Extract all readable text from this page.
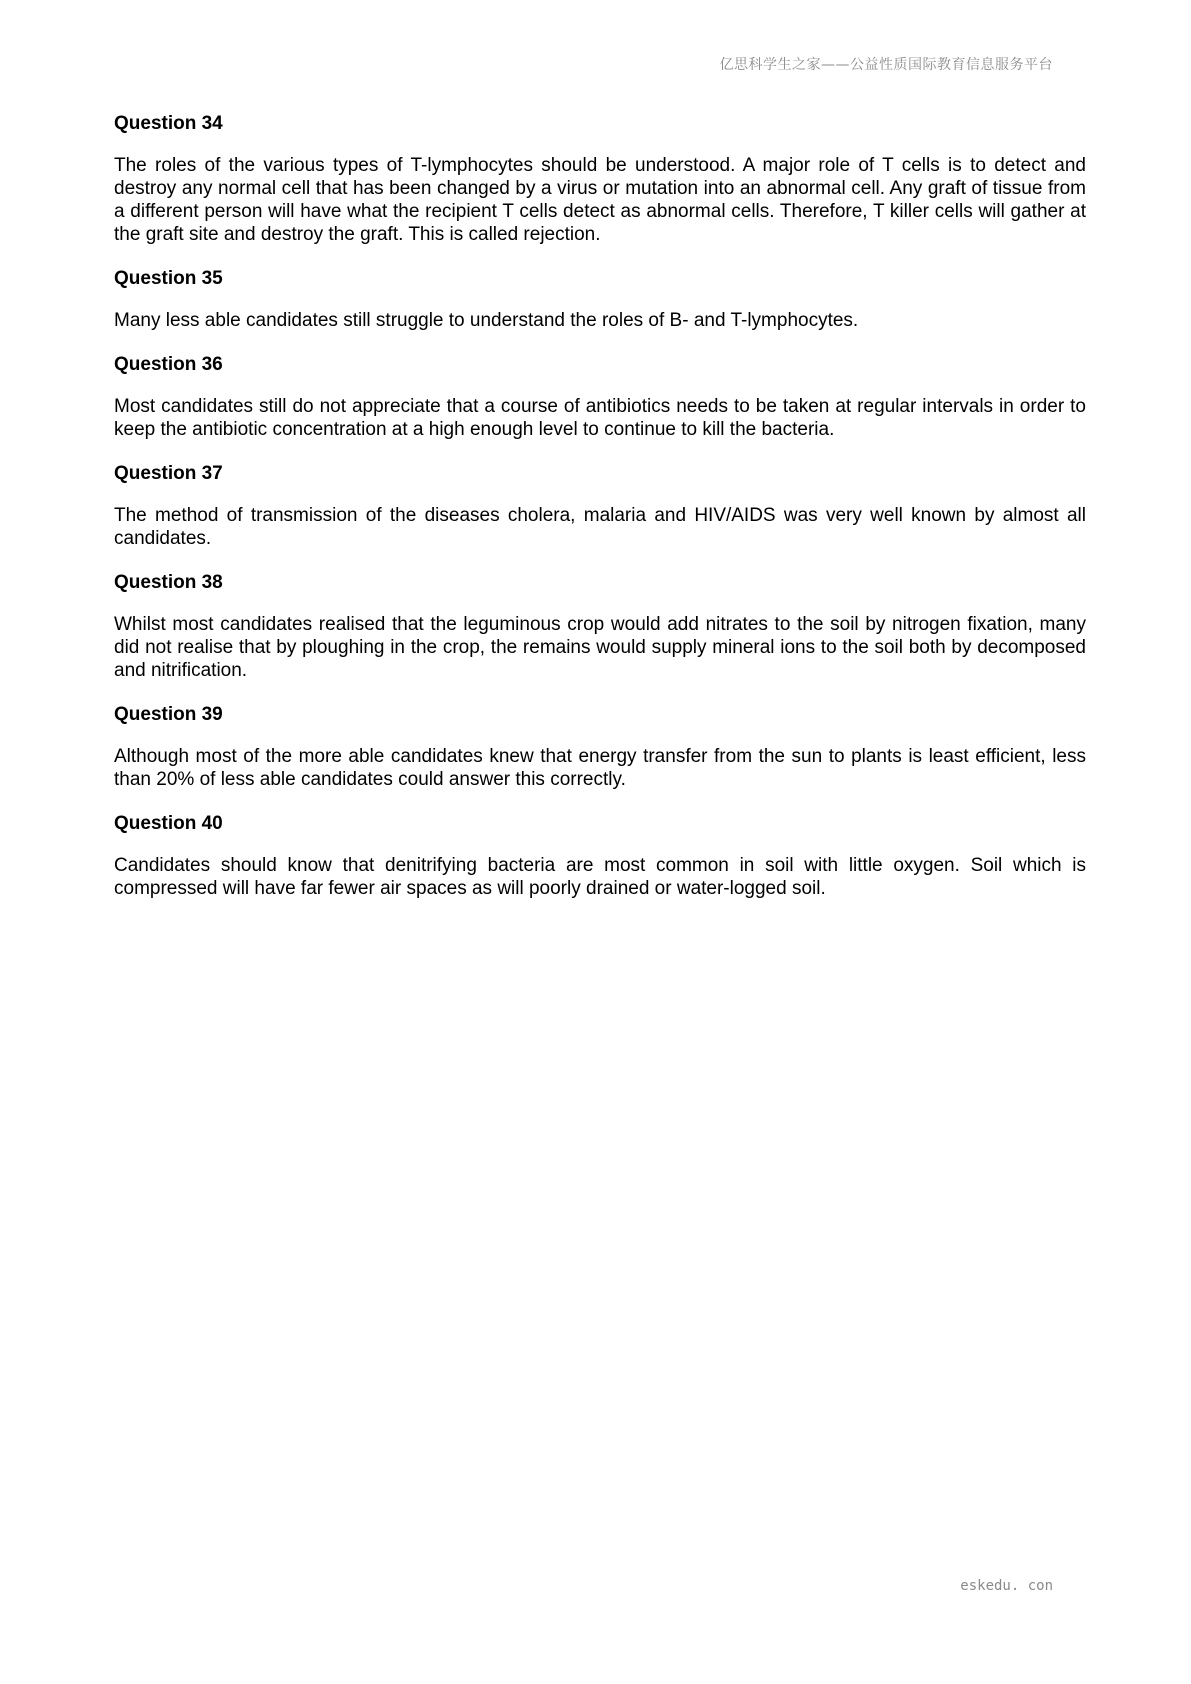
亿思科学生之家——公益性质国际教育信息服务平台
Question 34

The roles of the various types of T-lymphocytes should be understood. A major role of T cells is to detect and destroy any normal cell that has been changed by a virus or mutation into an abnormal cell. Any graft of tissue from a different person will have what the recipient T cells detect as abnormal cells. Therefore, T killer cells will gather at the graft site and destroy the graft. This is called rejection.

Question 35

Many less able candidates still struggle to understand the roles of B- and T-lymphocytes.

Question 36

Most candidates still do not appreciate that a course of antibiotics needs to be taken at regular intervals in order to keep the antibiotic concentration at a high enough level to continue to kill the bacteria.

Question 37

The method of transmission of the diseases cholera, malaria and HIV/AIDS was very well known by almost all candidates.

Question 38

Whilst most candidates realised that the leguminous crop would add nitrates to the soil by nitrogen fixation, many did not realise that by ploughing in the crop, the remains would supply mineral ions to the soil both by decomposed and nitrification.

Question 39

Although most of the more able candidates knew that energy transfer from the sun to plants is least efficient, less than 20% of less able candidates could answer this correctly.

Question 40

Candidates should know that denitrifying bacteria are most common in soil with little oxygen. Soil which is compressed will have far fewer air spaces as will poorly drained or water-logged soil.

eskedu. con
